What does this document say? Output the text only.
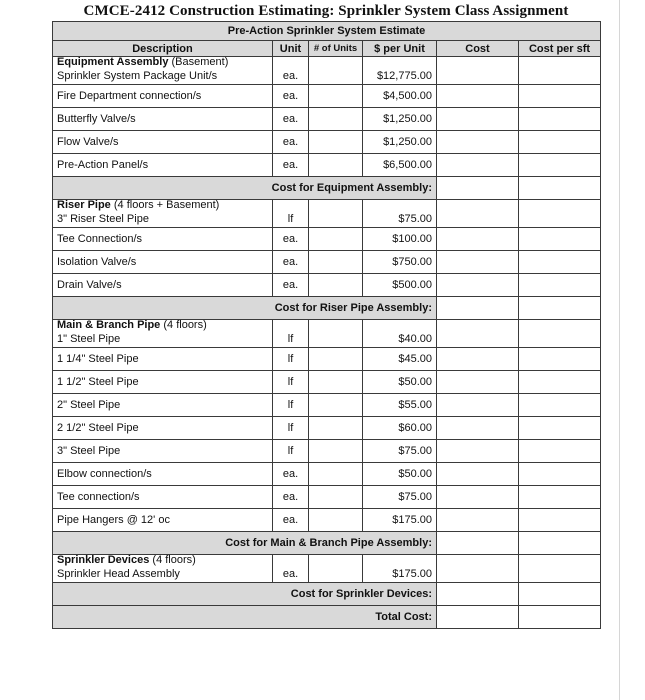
CMCE-2412 Construction Estimating: Sprinkler System Class Assignment
Pre-Action Sprinkler System Estimate					
Description	Unit	# of Units	$ per Unit	Cost	Cost per sft
Equipment Assembly (Basement)					
Sprinkler System Package Unit/s	ea.		$12,775.00		
Fire Department connection/s	ea.		$4,500.00		
Butterfly Valve/s	ea.		$1,250.00		
Flow Valve/s	ea.		$1,250.00		
Pre-Action Panel/s	ea.		$6,500.00		
Cost for Equipment Assembly:					
Riser Pipe (4 floors + Basement)					
3" Riser Steel Pipe	lf		$75.00		
Tee Connection/s	ea.		$100.00		
Isolation Valve/s	ea.		$750.00		
Drain Valve/s	ea.		$500.00		
Cost for Riser Pipe Assembly:					
Main & Branch Pipe (4 floors)					
1" Steel Pipe	lf		$40.00		
1 1/4" Steel Pipe	lf		$45.00		
1 1/2" Steel Pipe	lf		$50.00		
2" Steel Pipe	lf		$55.00		
2 1/2" Steel Pipe	lf		$60.00		
3" Steel Pipe	lf		$75.00		
Elbow connection/s	ea.		$50.00		
Tee connection/s	ea.		$75.00		
Pipe Hangers @ 12' oc	ea.		$175.00		
Cost for Main & Branch Pipe Assembly:					
Sprinkler Devices (4 floors)					
Sprinkler Head Assembly	ea.		$175.00		
Cost for Sprinkler Devices:					
Total Cost:					
